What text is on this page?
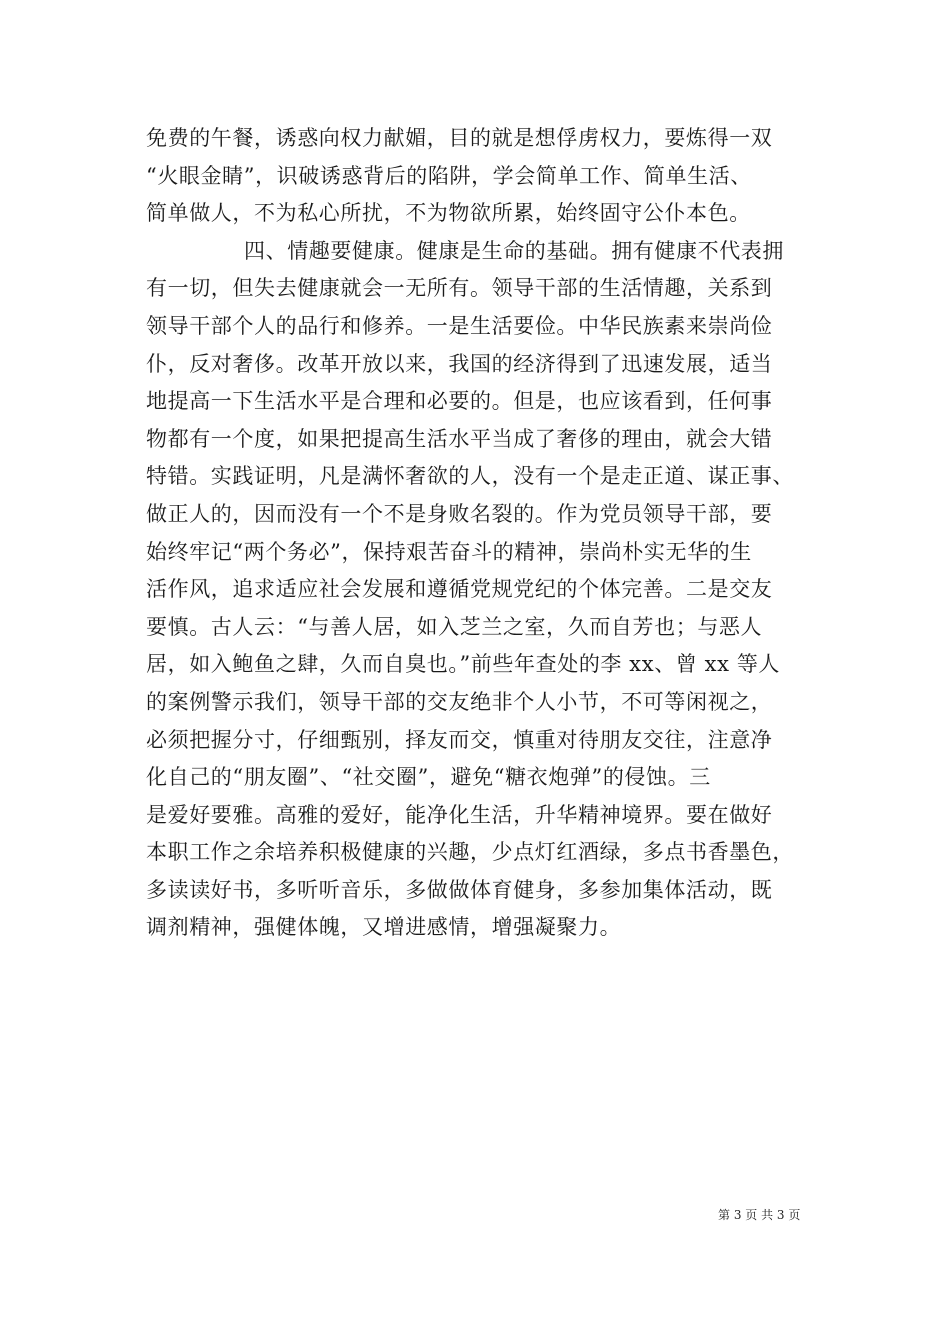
免费的午餐，诱惑向权力献媚，目的就是想俘虏权力，要炼得一双
“火眼金睛”，识破诱惑背后的陷阱，学会简单工作、简单生活、
简单做人，不为私心所扰，不为物欲所累，始终固守公仆本色。
四、情趣要健康。健康是生命的基础。拥有健康不代表拥
有一切，但失去健康就会一无所有。领导干部的生活情趣，关系到
领导干部个人的品行和修养。一是生活要俭。中华民族素来崇尚俭
仆，反对奢侈。改革开放以来，我国的经济得到了迅速发展，适当
地提高一下生活水平是合理和必要的。但是，也应该看到，任何事
物都有一个度，如果把提高生活水平当成了奢侈的理由，就会大错
特错。实践证明，凡是满怀奢欲的人，没有一个是走正道、谋正事、
做正人的，因而没有一个不是身败名裂的。作为党员领导干部，要
始终牢记“两个务必”，保持艰苦奋斗的精神，崇尚朴实无华的生
活作风，追求适应社会发展和遵循党规党纪的个体完善。二是交友
要慎。古人云：“与善人居，如入芝兰之室，久而自芳也；与恶人
居，如入鲍鱼之肆，久而自臭也。”前些年查处的李 xx、曾 xx 等人
的案例警示我们，领导干部的交友绝非个人小节，不可等闲视之，
必须把握分寸，仔细甄别，择友而交，慎重对待朋友交往，注意净
化自己的“朋友圈”、“社交圈”，避免“糖衣炮弹”的侵蚀。三
是爱好要雅。高雅的爱好，能净化生活，升华精神境界。要在做好
本职工作之余培养积极健康的兴趣，少点灯红酒绿，多点书香墨色，
多读读好书，多听听音乐，多做做体育健身，多参加集体活动，既
调剂精神，强健体魄，又增进感情，增强凝聚力。
第 3 页 共 3 页
